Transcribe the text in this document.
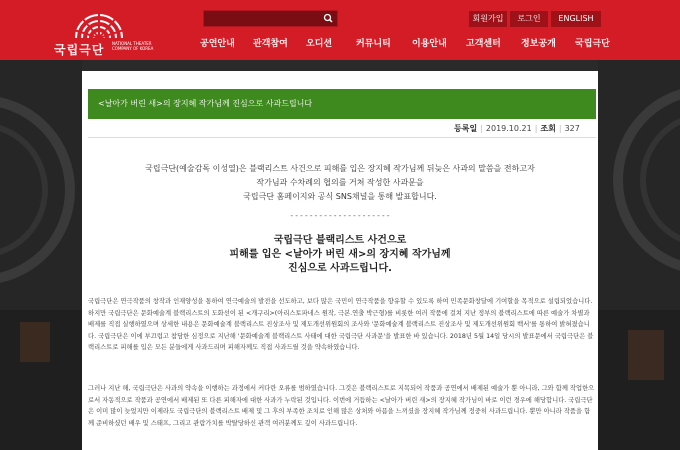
국립극단	NATIONAL THEATER COMPANY OF KOREA
회원가입	로그인	ENGLISH
공연안내 관객참여 오디션	커뮤니티 이용안내 고객센터 정보공개 국립극단
<날아가 버린 새>의 장지혜 작가님께 진심으로 사과드립니다
등록일 | 2019.10.21 | 조회 | 327
국립극단(예술감독 이성열)은 블랙리스트 사건으로 피해를 입은 장지혜 작가님께 뒤늦은 사과의 말씀을 전하고자
작가님과 수차례의 협의를 거쳐 작성한 사과문을
국립극단 홈페이지와 공식 SNS채널을 통해 발표합니다.
---------------------
국립극단 블랙리스트 사건으로
피해를 입은 <날아가 버린 새>의 장지혜 작가님께
진심으로 사과드립니다.

국립극단은 연극작품의 창작과 인재양성을 통하여 연극예술의 발전을 선도하고, 보다 많은 국민이 연극작품을 향유할 수 있도록 하여 민족문화창달에 기여할을 목적으로 설립되었습니다. 하지만 국립극단은 문화예술계 블랙리스트의 도화선이 된 <개구리>(아리스토파네스 원작, 극본.연출 박근형)를 비롯한 여러 작품에 걸쳐 지난 정부의 블랙리스트에 따른 예술가 차별과 배제를 직접 실행하였으며 상세한 내용은 문화예술계 블랙리스트 진상조사 및 제도개선위원회의 조사와 '문화예술계 블랙리스트 진상조사 및 제도개선위원회 백서'를 통하여 밝혀졌습니다. 국립극단은 이에 부끄럽고 참담한 심정으로 지난해 '문화예술계 블랙리스트 사태에 대한 국립극단 사과문'을 발표한 바 있습니다. 2018년 5월 14일 당시의 발표문에서 국립극단은 블랙리스트로 피해를 입은 모든 분들에게 사과드리며 피해자께도 직접 사과드릴 것을 약속하였습니다.

그러나 지난 해, 국립극단은 사과의 약속을 이행하는 과정에서 커다란 오류를 범하였습니다. 그것은 블랙리스트로 지목되어 작품과 공연에서 배제된 예술가 뿐 아니라, 그와 함께 작업한으로서 자동적으로 작품과 공연에서 배제된 또 다른 피해자에 대한 사과가 누락된 것입니다. 이번에 거듭하는 <날아가 버린 새>의 장지혜 작가님이 바로 이런 경우에 해당합니다. 국립극단은 이미 많이 늦었지만 이제라도 국립극단의 블랙리스트 배제 및 그 후의 부족한 조치로 인해 많은 상처와 아픔을 느끼셨을 장지혜 작가님께 정중히 사과드립니다. 뿐만 아니라 작품을 함께 준비하셨던 배우 및 스태프, 그리고 관람가치를 박탈당하신 관객 여러분께도 깊이 사과드립니다.
